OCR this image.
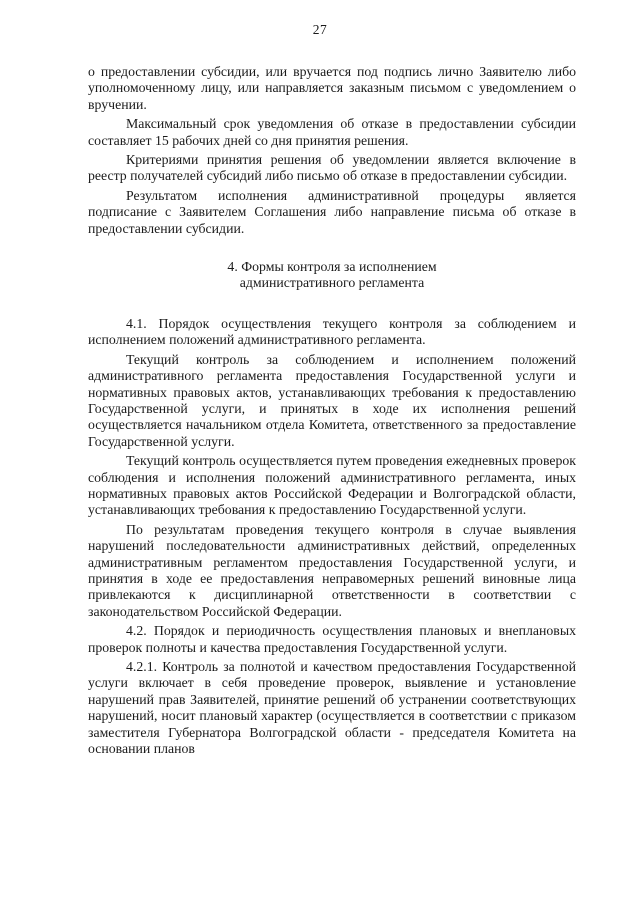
27

о предоставлении субсидии, или вручается под подпись лично Заявителю либо уполномоченному лицу, или направляется заказным письмом с уведомлением о вручении.

Максимальный срок уведомления об отказе в предоставлении субсидии составляет 15 рабочих дней со дня принятия решения.

Критериями принятия решения об уведомлении является включение в реестр получателей субсидий либо письмо об отказе в предоставлении субсидии.

Результатом исполнения административной процедуры является подписание с Заявителем Соглашения либо направление письма об отказе в предоставлении субсидии.

4. Формы контроля за исполнением
административного регламента

4.1. Порядок осуществления текущего контроля за соблюдением и исполнением положений административного регламента.

Текущий контроль за соблюдением и исполнением положений административного регламента предоставления Государственной услуги и нормативных правовых актов, устанавливающих требования к предоставлению Государственной услуги, и принятых в ходе их исполнения решений осуществляется начальником отдела Комитета, ответственного за предоставление Государственной услуги.

Текущий контроль осуществляется путем проведения ежедневных проверок соблюдения и исполнения положений административного регламента, иных нормативных правовых актов Российской Федерации и Волгоградской области, устанавливающих требования к предоставлению Государственной услуги.

По результатам проведения текущего контроля в случае выявления нарушений последовательности административных действий, определенных административным регламентом предоставления Государственной услуги, и принятия в ходе ее предоставления неправомерных решений виновные лица привлекаются к дисциплинарной ответственности в соответствии с законодательством Российской Федерации.

4.2. Порядок и периодичность осуществления плановых и внеплановых проверок полноты и качества предоставления Государственной услуги.

4.2.1. Контроль за полнотой и качеством предоставления Государственной услуги включает в себя проведение проверок, выявление и установление нарушений прав Заявителей, принятие решений об устранении соответствующих нарушений, носит плановый характер (осуществляется в соответствии с приказом заместителя Губернатора Волгоградской области - председателя Комитета на основании планов
